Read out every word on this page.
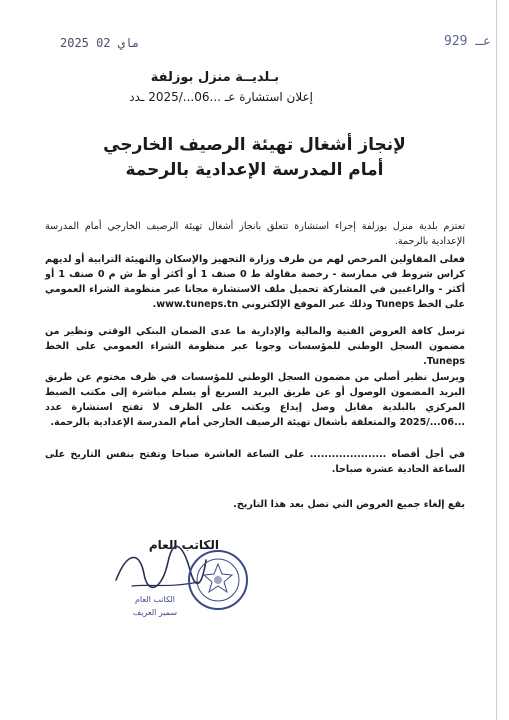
2025 ماي 02	929 عـ
بـلديــة منزل بوزلفة
إعلان استشارة عـ ...06.../2025 ـدد
لإنجاز أشغال تهيئة الرصيف الخارجي
أمام المدرسة الإعدادية بالرحمة
تعتزم بلدية منزل بوزلفة إجراء استشارة تتعلق بانجاز أشغال تهيئة الرصيف الخارجي أمام المدرسة الإعدادية بالرحمة.
فعلى المقاولين المرخص لهم من طرف وزارة التجهيز والإسكان والتهيئة الترابية أو لديهم كراس شروط في ممارسة - رخصة مقاولة ط 0 صنف 1 أو أكثر أو ط ش م 0 صنف 1 أو أكثر - والراغبين في المشاركة تحميل ملف الاستشارة مجانا عبر منظومة الشراء العمومي على الخط Tuneps وذلك عبر الموقع الإلكتروني www.tuneps.tn.
ترسل كافة العروض الفنية والمالية والإدارية ما عدى الضمان البنكي الوقتي ونظير من مضمون السجل الوطني للمؤسسات وجوبا عبر منظومة الشراء العمومي على الخط Tuneps.
ويرسل نظير أصلي من مضمون السجل الوطني للمؤسسات في ظرف مختوم عن طريق البريد المضمون الوصول أو عن طريق البريد السريع أو يسلم مباشرة إلى مكتب الضبط المركزي بالبلدية مقابل وصل إيداع ويكتب على الظرف لا تفتح استشارة عدد ...06.../2025 والمتعلقة بأشغال تهيئة الرصيف الخارجي أمام المدرسة الإعدادية بالرحمة.
في أجل أقصاه ..................... على الساعة العاشرة صباحا وتفتح بنفس التاريخ على الساعة الحادية عشرة صباحا.
يقع إلغاء جميع العروض التي تصل بعد هذا التاريخ.
الكاتب العام
الكاتب العام
سمير العريف
